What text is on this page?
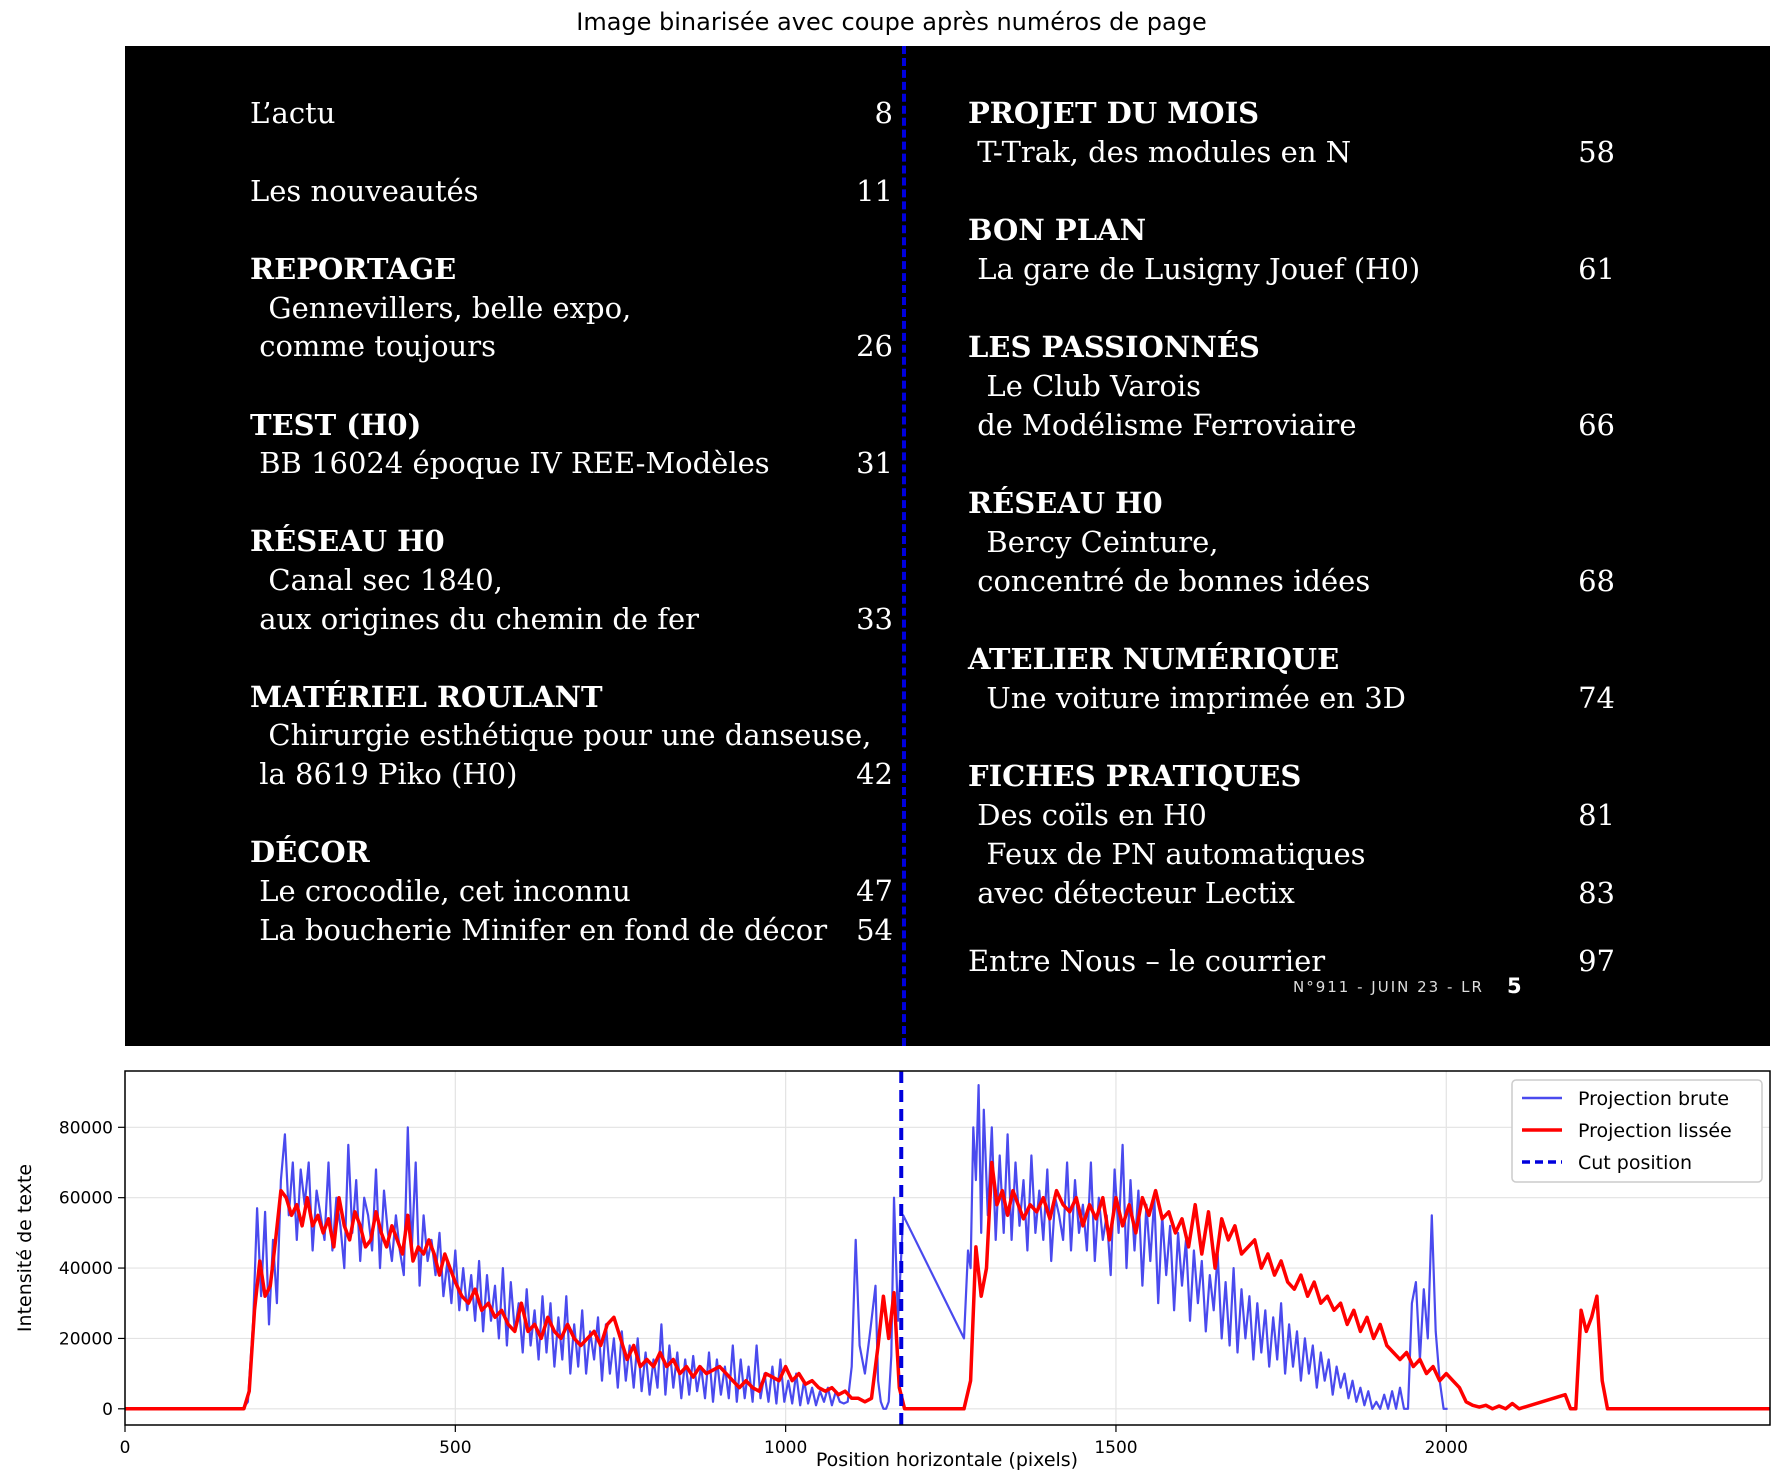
Image binarisée avec coupe après numéros de page
L’actu	8
Les nouveautés	11
REPORTAGE
Gennevillers, belle expo,
comme toujours	26
TEST (H0)
BB 16024 époque IV REE-Modèles	31
RÉSEAU H0
Canal sec 1840,
aux origines du chemin de fer	33
MATÉRIEL ROULANT
Chirurgie esthétique pour une danseuse,
la 8619 Piko (H0)	42
DÉCOR
Le crocodile, cet inconnu	47
La boucherie Minifer en fond de décor 54
PROJET DU MOIS
T-Trak, des modules en N	58
BON PLAN
La gare de Lusigny Jouef (H0)	61
LES PASSIONNÉS
Le Club Varois
de Modélisme Ferroviaire	66
RÉSEAU H0
Bercy Ceinture,
concentré de bonnes idées	68
ATELIER NUMÉRIQUE
Une voiture imprimée en 3D	74
FICHES PRATIQUES
Des coïls en H0	81
Feux de PN automatiques
avec détecteur Lectix	83
Entre Nous – le courrier	97
N°911 - JUIN 23 - LR 5
0	500	1000	1500	2000
0
20000
40000
60000
80000
Position horizontale (pixels)
Intensité de texte
Projection brute
Projection lissée
Cut position
